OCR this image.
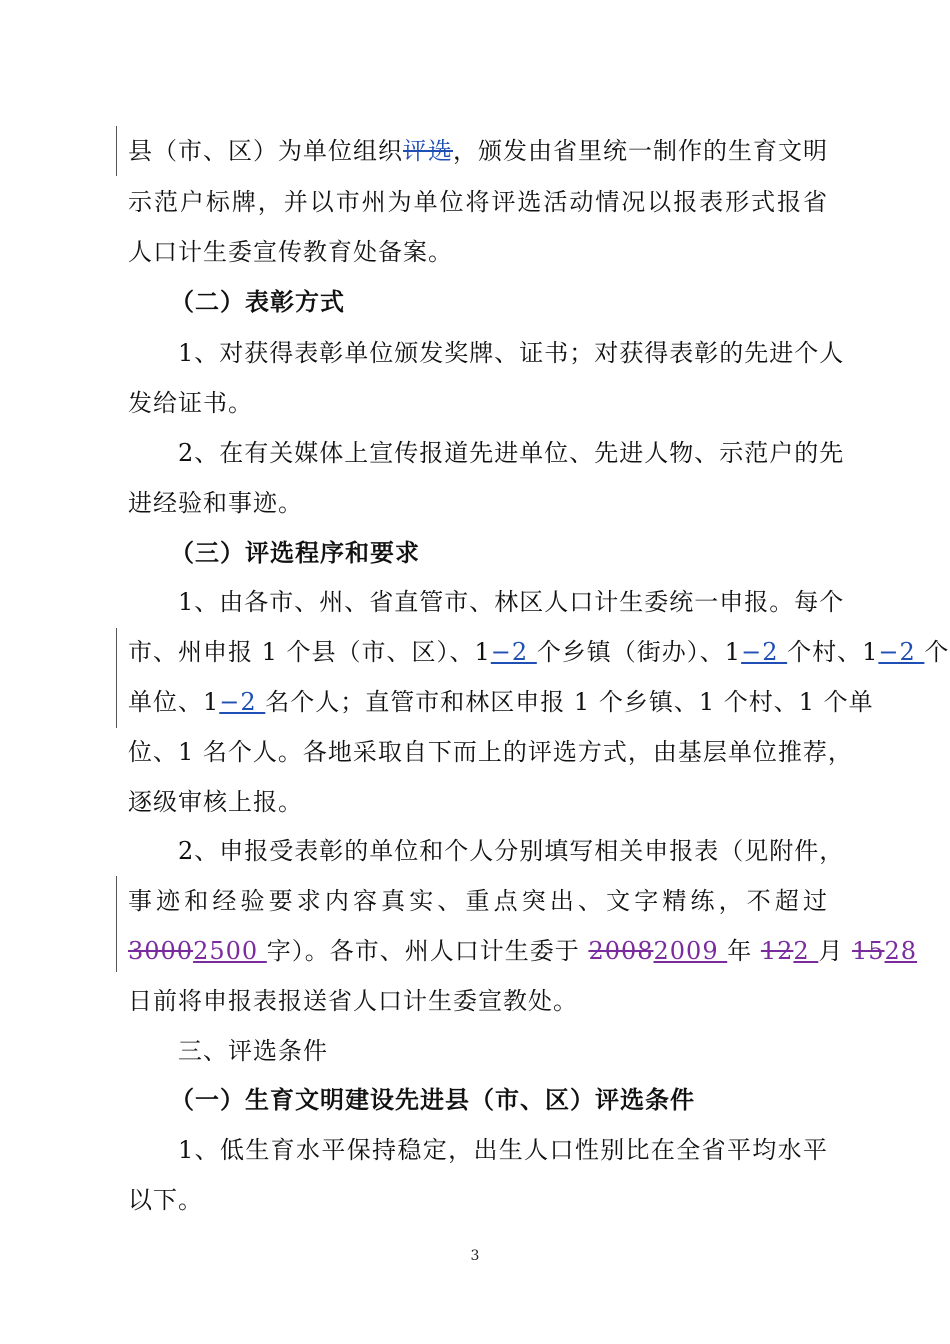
县（市、区）为单位组织评选，颁发由省里统一制作的生育文明
示范户标牌，并以市州为单位将评选活动情况以报表形式报省
人口计生委宣传教育处备案。
（二）表彰方式
1、对获得表彰单位颁发奖牌、证书；对获得表彰的先进个人
发给证书。
2、在有关媒体上宣传报道先进单位、先进人物、示范户的先
进经验和事迹。
（三）评选程序和要求
1、由各市、州、省直管市、林区人口计生委统一申报。每个
市、州申报 1 个县（市、区）、1−2 个乡镇（街办）、1−2 个村、1−2 个
单位、1−2 名个人；直管市和林区申报 1 个乡镇、1 个村、1 个单
位、1 名个人。各地采取自下而上的评选方式，由基层单位推荐，
逐级审核上报。
2、申报受表彰的单位和个人分别填写相关申报表（见附件，
事迹和经验要求内容真实、重点突出、文字精练，不超过
30002500 字）。各市、州人口计生委于 20082009 年 122 月 1528
日前将申报表报送省人口计生委宣教处。
三、评选条件
（一）生育文明建设先进县（市、区）评选条件
1、低生育水平保持稳定，出生人口性别比在全省平均水平
以下。
3
